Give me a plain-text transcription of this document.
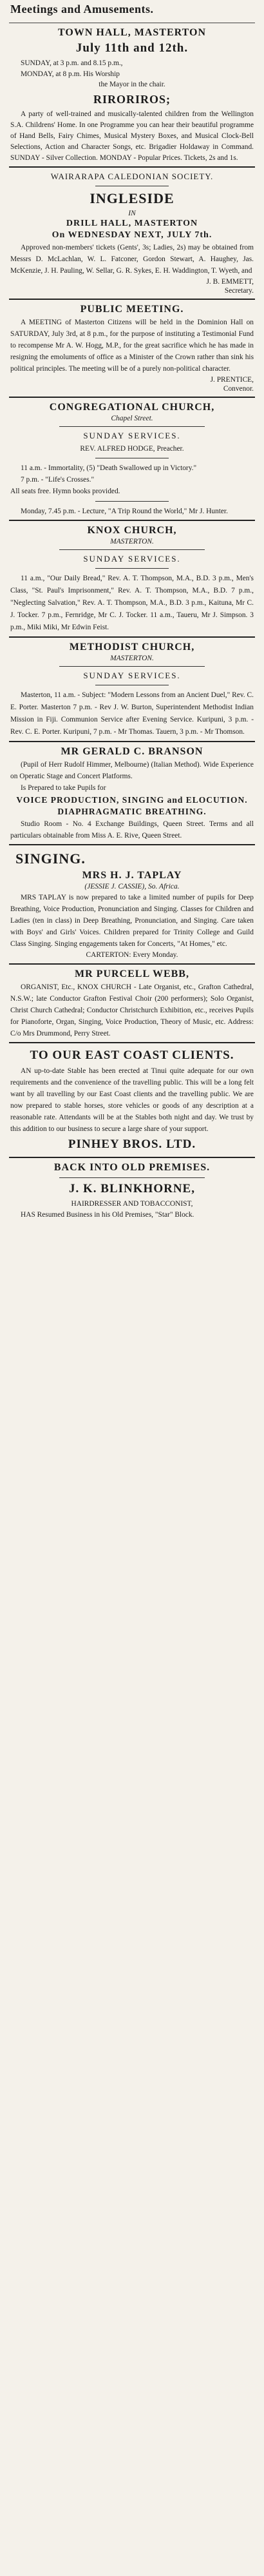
Meetings and Amusements.
TOWN HALL, MASTERTON
July 11th and 12th.
SUNDAY, at 3 p.m. and 8.15 p.m.,
MONDAY, at 8 p.m. His Worship
the Mayor in the chair.
RIRORIROS;

A party of well-trained and musically-talented children from the Wellington S.A. Childrens' Home. In one Programme you can hear their beautiful programme of Hand Bells, Fairy Chimes, Musical Mystery Boxes, and Musical Clock-Bell Selections, Action and Character Songs, etc. Brigadier Holdaway in Command. SUNDAY - Silver Collection. MONDAY - Popular Prices. Tickets, 2s and 1s.

WAIRARAPA CALEDONIAN SOCIETY.
INGLESIDE
IN
DRILL HALL, MASTERTON
On WEDNESDAY NEXT, JULY 7th.

Approved non-members' tickets (Gents', 3s; Ladies, 2s) may be obtained from Messrs D. McLachlan, W. L. Fatconer, Gordon Stewart, A. Haughey, Jas. McKenzie, J. H. Pauling, W. Sellar, G. R. Sykes, E. H. Waddington, T. Wyeth, and

J. B. EMMETT,
Secretary.
PUBLIC MEETING.

A MEETING of Masterton Citizens will be held in the Dominion Hall on SATURDAY, July 3rd, at 8 p.m., for the purpose of instituting a Testimonial Fund to recompense Mr A. W. Hogg, M.P., for the great sacrifice which he has made in resigning the emoluments of office as a Minister of the Crown rather than sink his political principles. The meeting will be of a purely non-political character.

J. PRENTICE,
Convenor.
CONGREGATIONAL CHURCH,
Chapel Street.
SUNDAY SERVICES.
REV. ALFRED HODGE, Preacher.

11 a.m. - Immortality, (5) "Death Swallowed up in Victory."

7 p.m. - "Life's Crosses."

All seats free. Hymn books provided.

Monday, 7.45 p.m. - Lecture, "A Trip Round the World," Mr J. Hunter.

KNOX CHURCH,
MASTERTON.
SUNDAY SERVICES.

11 a.m., "Our Daily Bread," Rev. A. T. Thompson, M.A., B.D. 3 p.m., Men's Class, "St. Paul's Imprisonment," Rev. A. T. Thompson, M.A., B.D. 7 p.m., "Neglecting Salvation," Rev. A. T. Thompson, M.A., B.D. 3 p.m., Kaituna, Mr C. J. Tocker. 7 p.m., Fernridge, Mr C. J. Tocker. 11 a.m., Taueru, Mr J. Simpson. 3 p.m., Miki Miki, Mr Edwin Feist.

METHODIST CHURCH,
MASTERTON.
SUNDAY SERVICES.

Masterton, 11 a.m. - Subject: "Modern Lessons from an Ancient Duel," Rev. C. E. Porter. Masterton 7 p.m. - Rev J. W. Burton, Superintendent Methodist Indian Mission in Fiji. Communion Service after Evening Service. Kuripuni, 3 p.m. - Rev. C. E. Porter. Kuripuni, 7 p.m. - Mr Thomas. Tauern, 3 p.m. - Mr Thomson.

MR GERALD C. BRANSON

(Pupil of Herr Rudolf Himmer, Melbourne) (Italian Method). Wide Experience on Operatic Stage and Concert Platforms.

Is Prepared to take Pupils for

VOICE PRODUCTION, SINGING and ELOCUTION.
DIAPHRAGMATIC BREATHING.

Studio Room - No. 4 Exchange Buildings, Queen Street. Terms and all particulars obtainable from Miss A. E. Rive, Queen Street.

SINGING.
MRS H. J. TAPLAY
(JESSIE J. CASSIE), So. Africa.

MRS TAPLAY is now prepared to take a limited number of pupils for Deep Breathing, Voice Production, Pronunciation and Singing. Classes for Children and Ladies (ten in class) in Deep Breathing, Pronunciation, and Singing. Care taken with Boys' and Girls' Voices. Children prepared for Trinity College and Guild Class Singing. Singing engagements taken for Concerts, "At Homes," etc.

CARTERTON: Every Monday.
MR PURCELL WEBB,

ORGANIST, Etc., KNOX CHURCH - Late Organist, etc., Grafton Cathedral, N.S.W.; late Conductor Grafton Festival Choir (200 performers); Solo Organist, Christ Church Cathedral; Conductor Christchurch Exhibition, etc., receives Pupils for Pianoforte, Organ, Singing, Voice Production, Theory of Music, etc. Address: C/o Mrs Drummond, Perry Street.

TO OUR EAST COAST CLIENTS.

AN up-to-date Stable has been erected at Tinui quite adequate for our own requirements and the convenience of the travelling public. This will be a long felt want by all travelling by our East Coast clients and the travelling public. We are now prepared to stable horses, store vehicles or goods of any description at a reasonable rate. Attendants will be at the Stables both night and day. We trust by this addition to our business to secure a large share of your support.

PINHEY BROS. LTD.
BACK INTO OLD PREMISES.
J. K. BLINKHORNE,
HAIRDRESSER AND TOBACCONIST,

HAS Resumed Business in his Old Premises, "Star" Block.
